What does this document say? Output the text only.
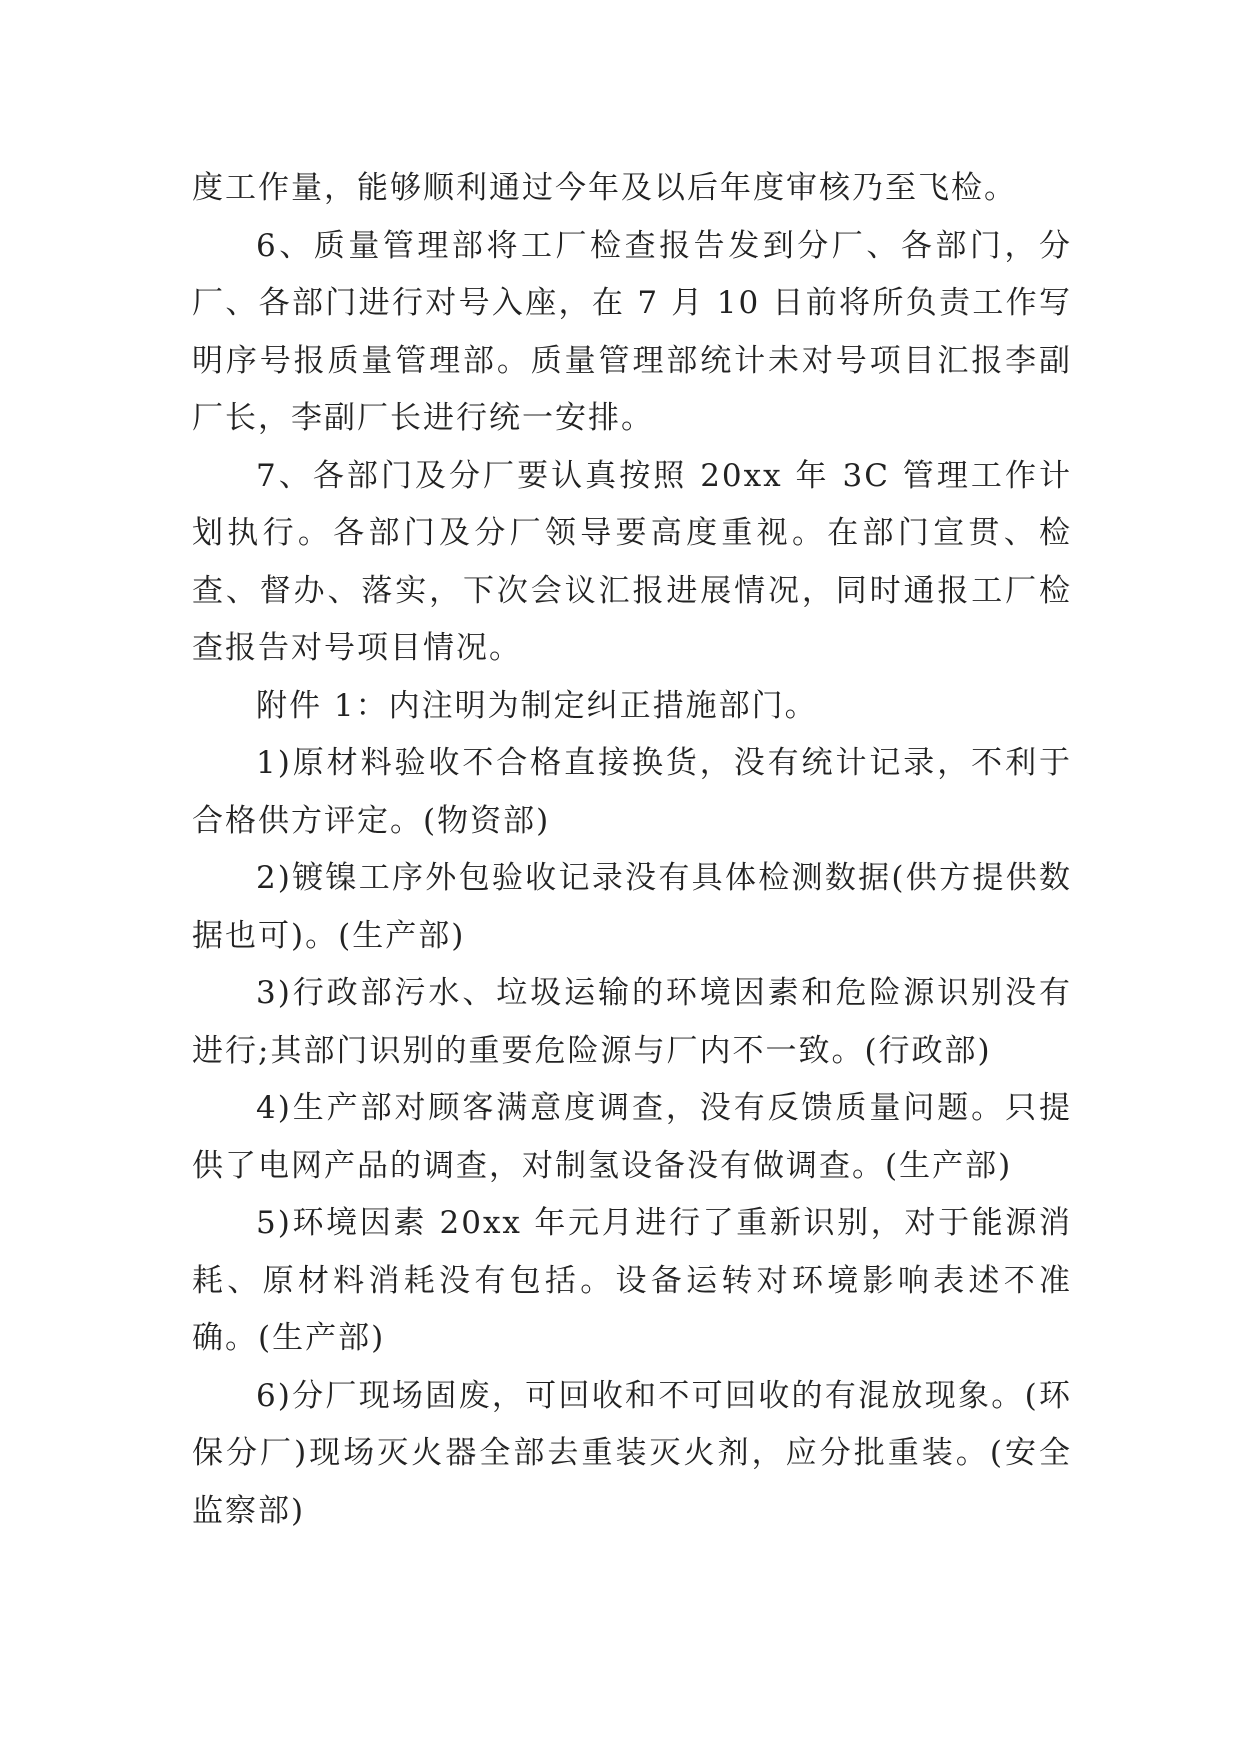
度工作量，能够顺利通过今年及以后年度审核乃至飞检。

6、质量管理部将工厂检查报告发到分厂、各部门，分厂、各部门进行对号入座，在 7 月 10 日前将所负责工作写明序号报质量管理部。质量管理部统计未对号项目汇报李副厂长，李副厂长进行统一安排。

7、各部门及分厂要认真按照 20xx 年 3C 管理工作计划执行。各部门及分厂领导要高度重视。在部门宣贯、检查、督办、落实，下次会议汇报进展情况，同时通报工厂检查报告对号项目情况。

附件 1：内注明为制定纠正措施部门。

1)原材料验收不合格直接换货，没有统计记录，不利于合格供方评定。(物资部)

2)镀镍工序外包验收记录没有具体检测数据(供方提供数据也可)。(生产部)

3)行政部污水、垃圾运输的环境因素和危险源识别没有进行;其部门识别的重要危险源与厂内不一致。(行政部)

4)生产部对顾客满意度调查，没有反馈质量问题。只提供了电网产品的调查，对制氢设备没有做调查。(生产部)

5)环境因素 20xx 年元月进行了重新识别，对于能源消耗、原材料消耗没有包括。设备运转对环境影响表述不准确。(生产部)

6)分厂现场固废，可回收和不可回收的有混放现象。(环保分厂)现场灭火器全部去重装灭火剂，应分批重装。(安全监察部)
